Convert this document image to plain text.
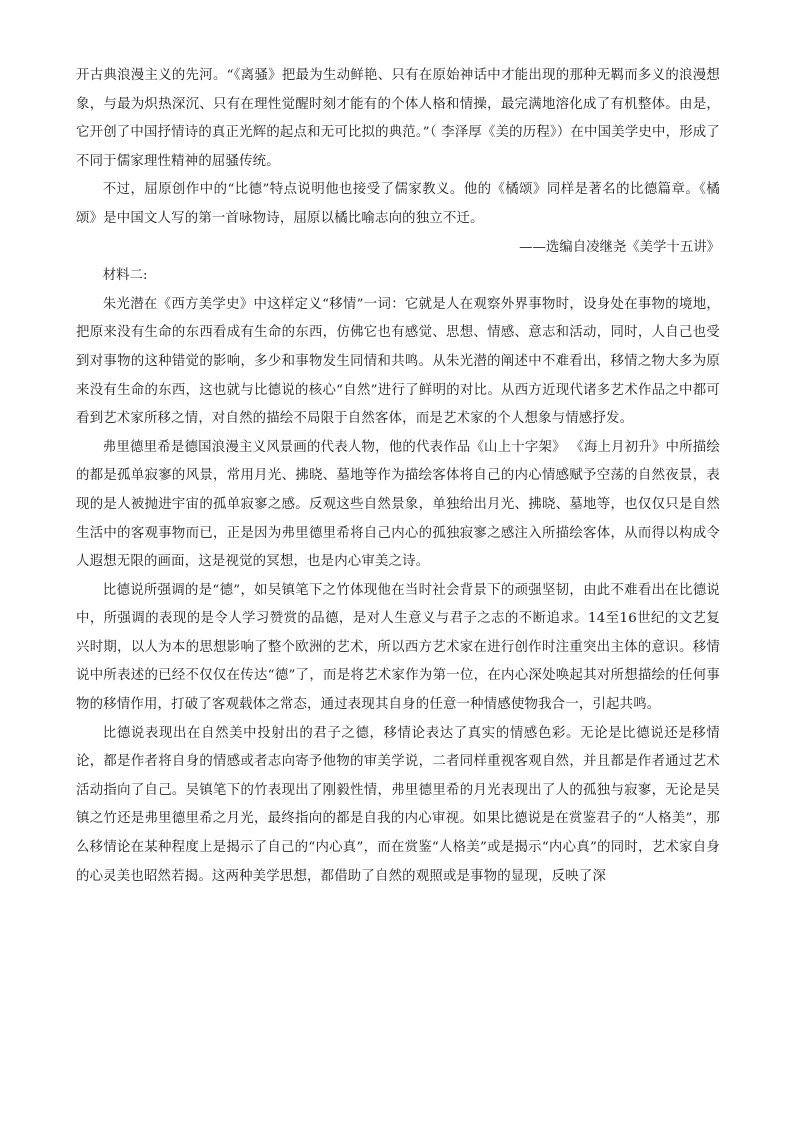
开古典浪漫主义的先河。“《离骚》把最为生动鲜艳、只有在原始神话中才能出现的那种无羁而多义的浪漫想象，与最为炽热深沉、只有在理性觉醒时刻才能有的个体人格和情操，最完满地溶化成了有机整体。由是，它开创了中国抒情诗的真正光辉的起点和无可比拟的典范。”（ 李泽厚《美的历程》）在中国美学史中，形成了不同于儒家理性精神的屈骚传统。

不过，屈原创作中的“比德”特点说明他也接受了儒家教义。他的《橘颂》同样是著名的比德篇章。《橘颂》是中国文人写的第一首咏物诗，屈原以橘比喻志向的独立不迁。

——选编自凌继尧《美学十五讲》

材料二:

朱光潜在《西方美学史》中这样定义“移情”一词：它就是人在观察外界事物时，设身处在事物的境地，把原来没有生命的东西看成有生命的东西，仿佛它也有感觉、思想、情感、意志和活动，同时，人自己也受到对事物的这种错觉的影响，多少和事物发生同情和共鸣。从朱光潜的阐述中不难看出，移情之物大多为原来没有生命的东西，这也就与比德说的核心“自然”进行了鲜明的对比。从西方近现代诸多艺术作品之中都可看到艺术家所移之情，对自然的描绘不局限于自然客体，而是艺术家的个人想象与情感抒发。

弗里德里希是德国浪漫主义风景画的代表人物，他的代表作品《山上十字架》 《海上月初升》中所描绘的都是孤单寂寥的风景，常用月光、拂晓、墓地等作为描绘客体将自己的内心情感赋予空荡的自然夜景，表现的是人被抛进宇宙的孤单寂寥之感。反观这些自然景象，单独给出月光、拂晓、墓地等，也仅仅只是自然生活中的客观事物而已，正是因为弗里德里希将自己内心的孤独寂寥之感注入所描绘客体，从而得以构成令人遐想无限的画面，这是视觉的冥想，也是内心审美之诗。

比德说所强调的是“德”，如吴镇笔下之竹体现他在当时社会背景下的顽强坚韧，由此不难看出在比德说中，所强调的表现的是令人学习赞赏的品德，是对人生意义与君子之志的不断追求。14至16世纪的文艺复兴时期，以人为本的思想影响了整个欧洲的艺术，所以西方艺术家在进行创作时注重突出主体的意识。移情说中所表述的已经不仅仅在传达“德”了，而是将艺术家作为第一位，在内心深处唤起其对所想描绘的任何事物的移情作用，打破了客观载体之常态，通过表现其自身的任意一种情感使物我合一，引起共鸣。

比德说表现出在自然美中投射出的君子之德，移情论表达了真实的情感色彩。无论是比德说还是移情论，都是作者将自身的情感或者志向寄予他物的审美学说，二者同样重视客观自然，并且都是作者通过艺术活动指向了自己。吴镇笔下的竹表现出了刚毅性情，弗里德里希的月光表现出了人的孤独与寂寥，无论是吴镇之竹还是弗里德里希之月光，最终指向的都是自我的内心审视。如果比德说是在赏鉴君子的“人格美”，那么移情论在某种程度上是揭示了自己的“内心真”，而在赏鉴“人格美”或是揭示“内心真”的同时，艺术家自身的心灵美也昭然若揭。这两种美学思想，都借助了自然的观照或是事物的显现，反映了深
